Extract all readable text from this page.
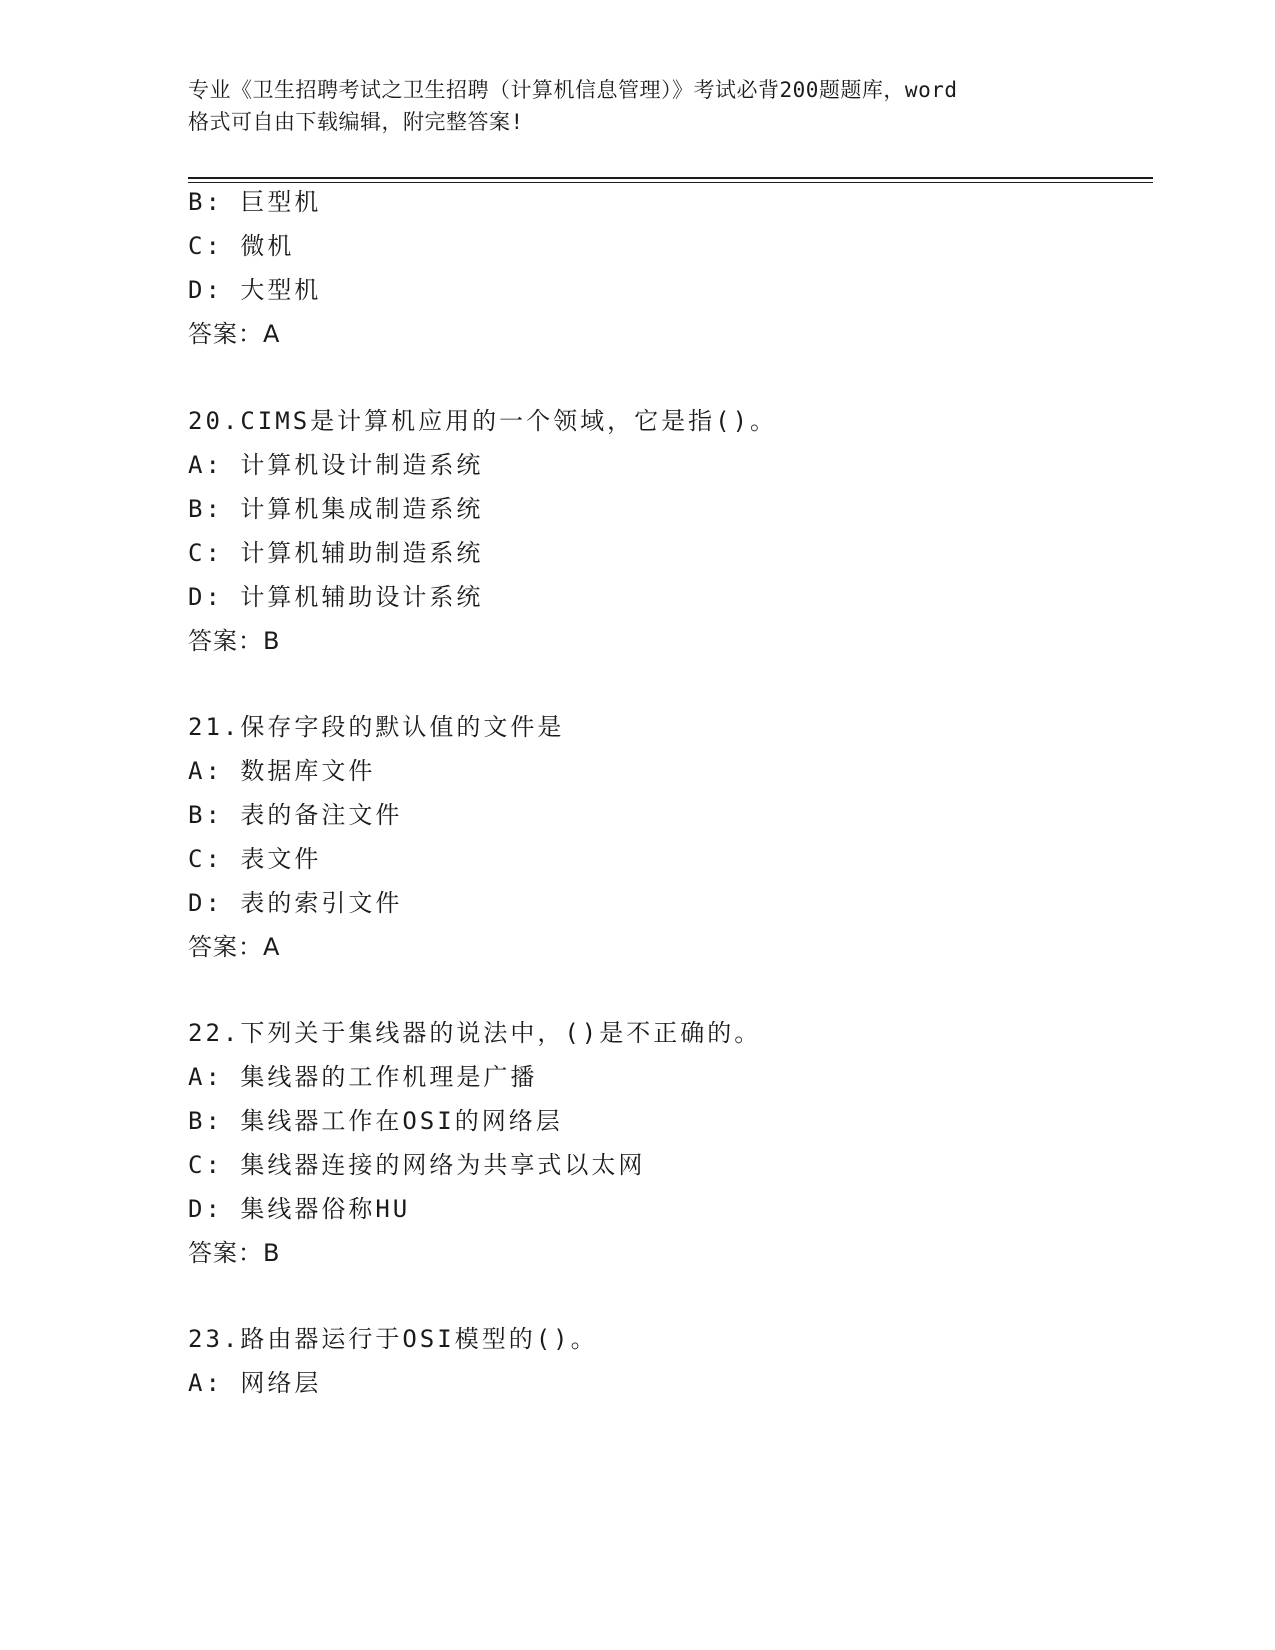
专业《卫生招聘考试之卫生招聘（计算机信息管理）》考试必背200题题库，word
格式可自由下载编辑，附完整答案!
B: 巨型机
C: 微机
D: 大型机
答案：A
20.CIMS是计算机应用的一个领域，它是指()。
A: 计算机设计制造系统
B: 计算机集成制造系统
C: 计算机辅助制造系统
D: 计算机辅助设计系统
答案：B
21.保存字段的默认值的文件是
A: 数据库文件
B: 表的备注文件
C: 表文件
D: 表的索引文件
答案：A
22.下列关于集线器的说法中，()是不正确的。
A: 集线器的工作机理是广播
B: 集线器工作在OSI的网络层
C: 集线器连接的网络为共享式以太网
D: 集线器俗称HU
答案：B
23.路由器运行于OSI模型的()。
A: 网络层
